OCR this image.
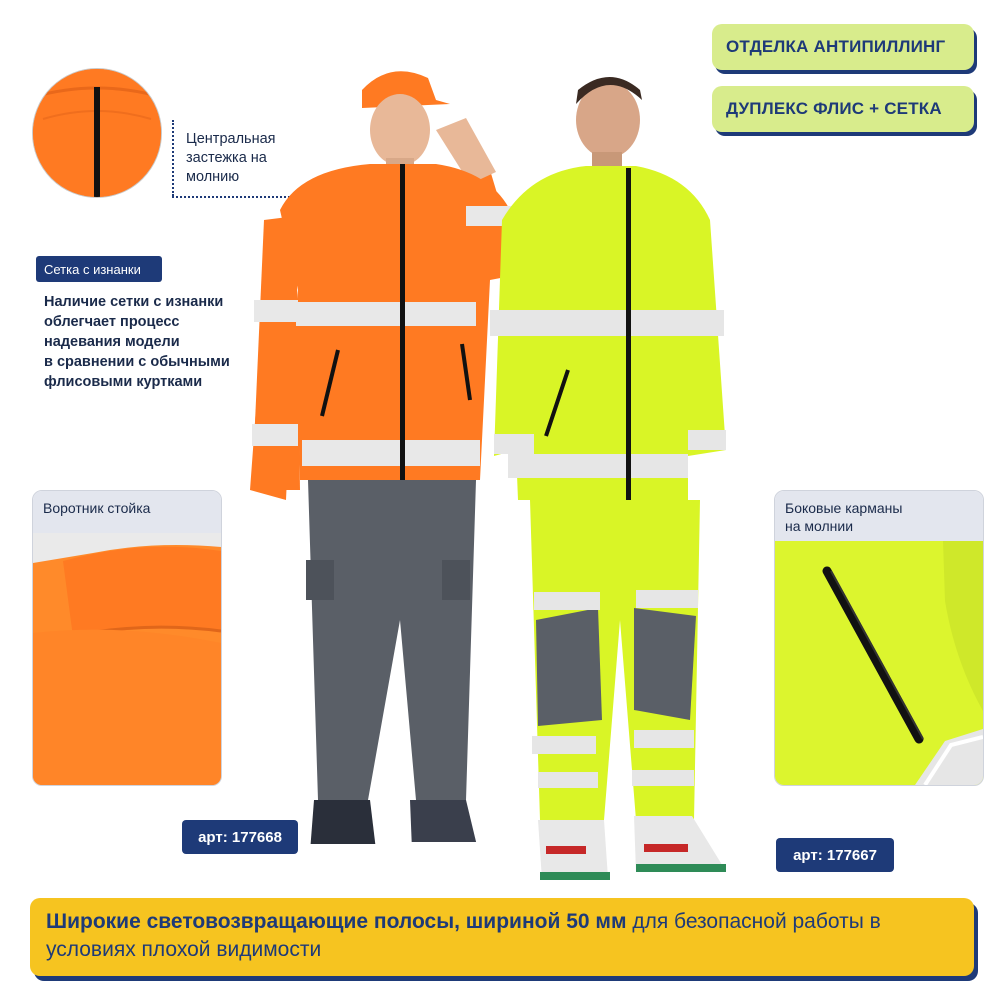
ОТДЕЛКА АНТИПИЛЛИНГ
ДУПЛЕКС ФЛИС + СЕТКА
Центральная
застежка на
молнию
Сетка с изнанки
Наличие сетки с изнанки
облегчает процесс
надевания модели
в сравнении с обычными
флисовыми куртками
Воротник стойка	Боковые карманы
на молнии
арт: 177668
арт: 177667
Широкие световозвращающие полосы, шириной 50 мм для безопасной работы в условиях плохой видимости
